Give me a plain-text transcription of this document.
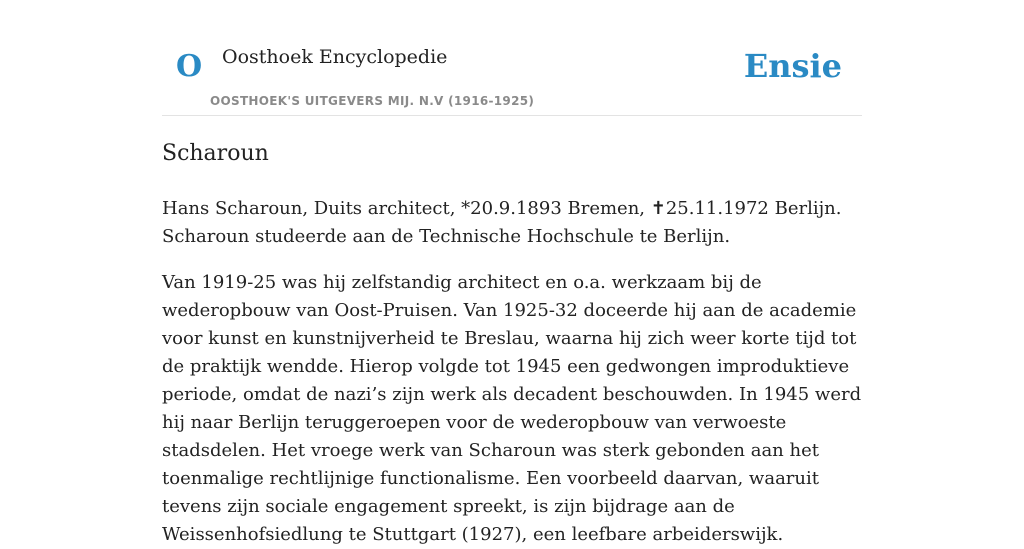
O Oosthoek Encyclopedie
OOSTHOEK'S UITGEVERS MIJ. N.V (1916-1925)
Ensie
Scharoun

Hans Scharoun, Duits architect, *20.9.1893 Bremen, ✝25.11.1972 Berlijn. Scharoun studeerde aan de Technische Hochschule te Berlijn.

Van 1919-25 was hij zelfstandig architect en o.a. werkzaam bij de wederopbouw van Oost-Pruisen. Van 1925-32 doceerde hij aan de academie voor kunst en kunstnijverheid te Breslau, waarna hij zich weer korte tijd tot de praktijk wendde. Hierop volgde tot 1945 een gedwongen improduktieve periode, omdat de nazi’s zijn werk als decadent beschouwden. In 1945 werd hij naar Berlijn teruggeroepen voor de wederopbouw van verwoeste stadsdelen. Het vroege werk van Scharoun was sterk gebonden aan het toenmalige rechtlijnige functionalisme. Een voorbeeld daarvan, waaruit tevens zijn sociale engagement spreekt, is zijn bijdrage aan de Weissenhofsiedlung te Stuttgart (1927), een leefbare arbeiderswijk.
